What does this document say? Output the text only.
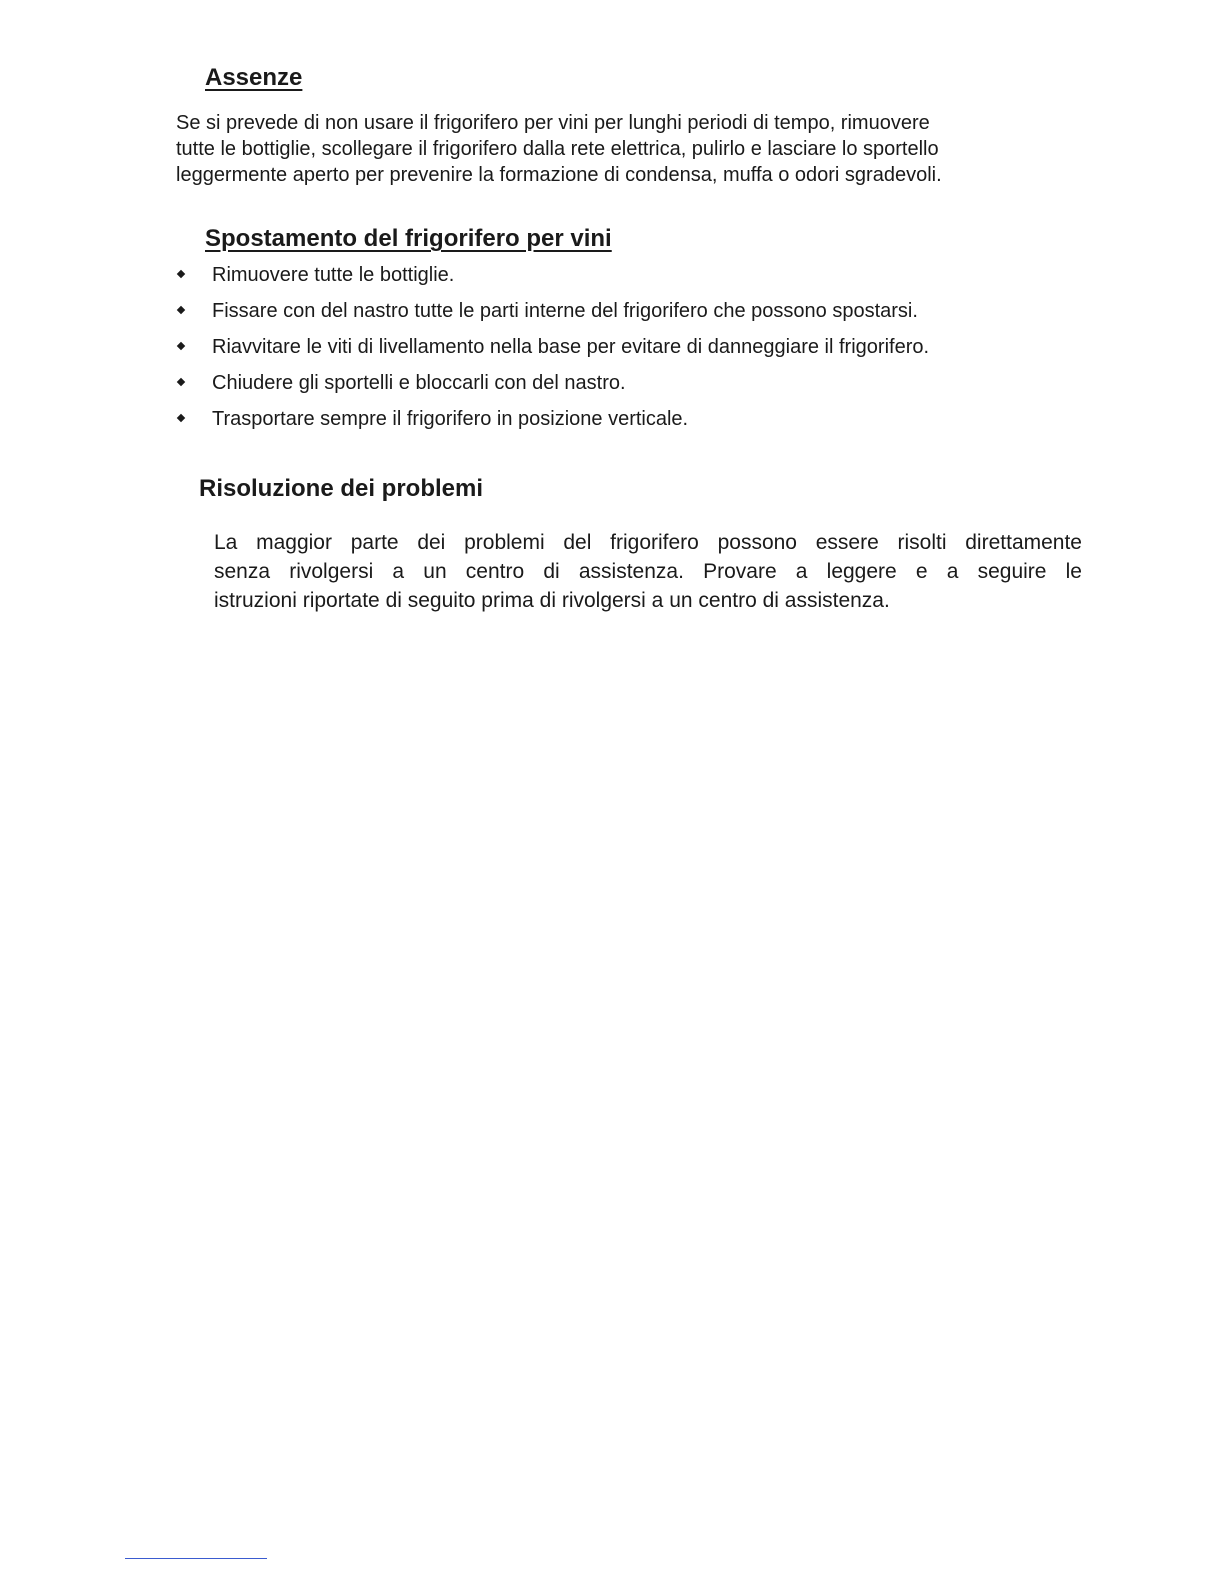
Assenze

Se si prevede di non usare il frigorifero per vini per lunghi periodi di tempo, rimuovere
tutte le bottiglie, scollegare il frigorifero dalla rete elettrica, pulirlo e lasciare lo sportello
leggermente aperto per prevenire la formazione di condensa, muffa o odori sgradevoli.

Spostamento del frigorifero per vini
Rimuovere tutte le bottiglie.
Fissare con del nastro tutte le parti interne del frigorifero che possono spostarsi.
Riavvitare le viti di livellamento nella base per evitare di danneggiare il frigorifero.
Chiudere gli sportelli e bloccarli con del nastro.
Trasportare sempre il frigorifero in posizione verticale.
Risoluzione dei problemi

La maggior parte dei problemi del frigorifero possono essere risolti direttamente
senza rivolgersi a un centro di assistenza. Provare a leggere e a seguire le
istruzioni riportate di seguito prima di rivolgersi a un centro di assistenza.
